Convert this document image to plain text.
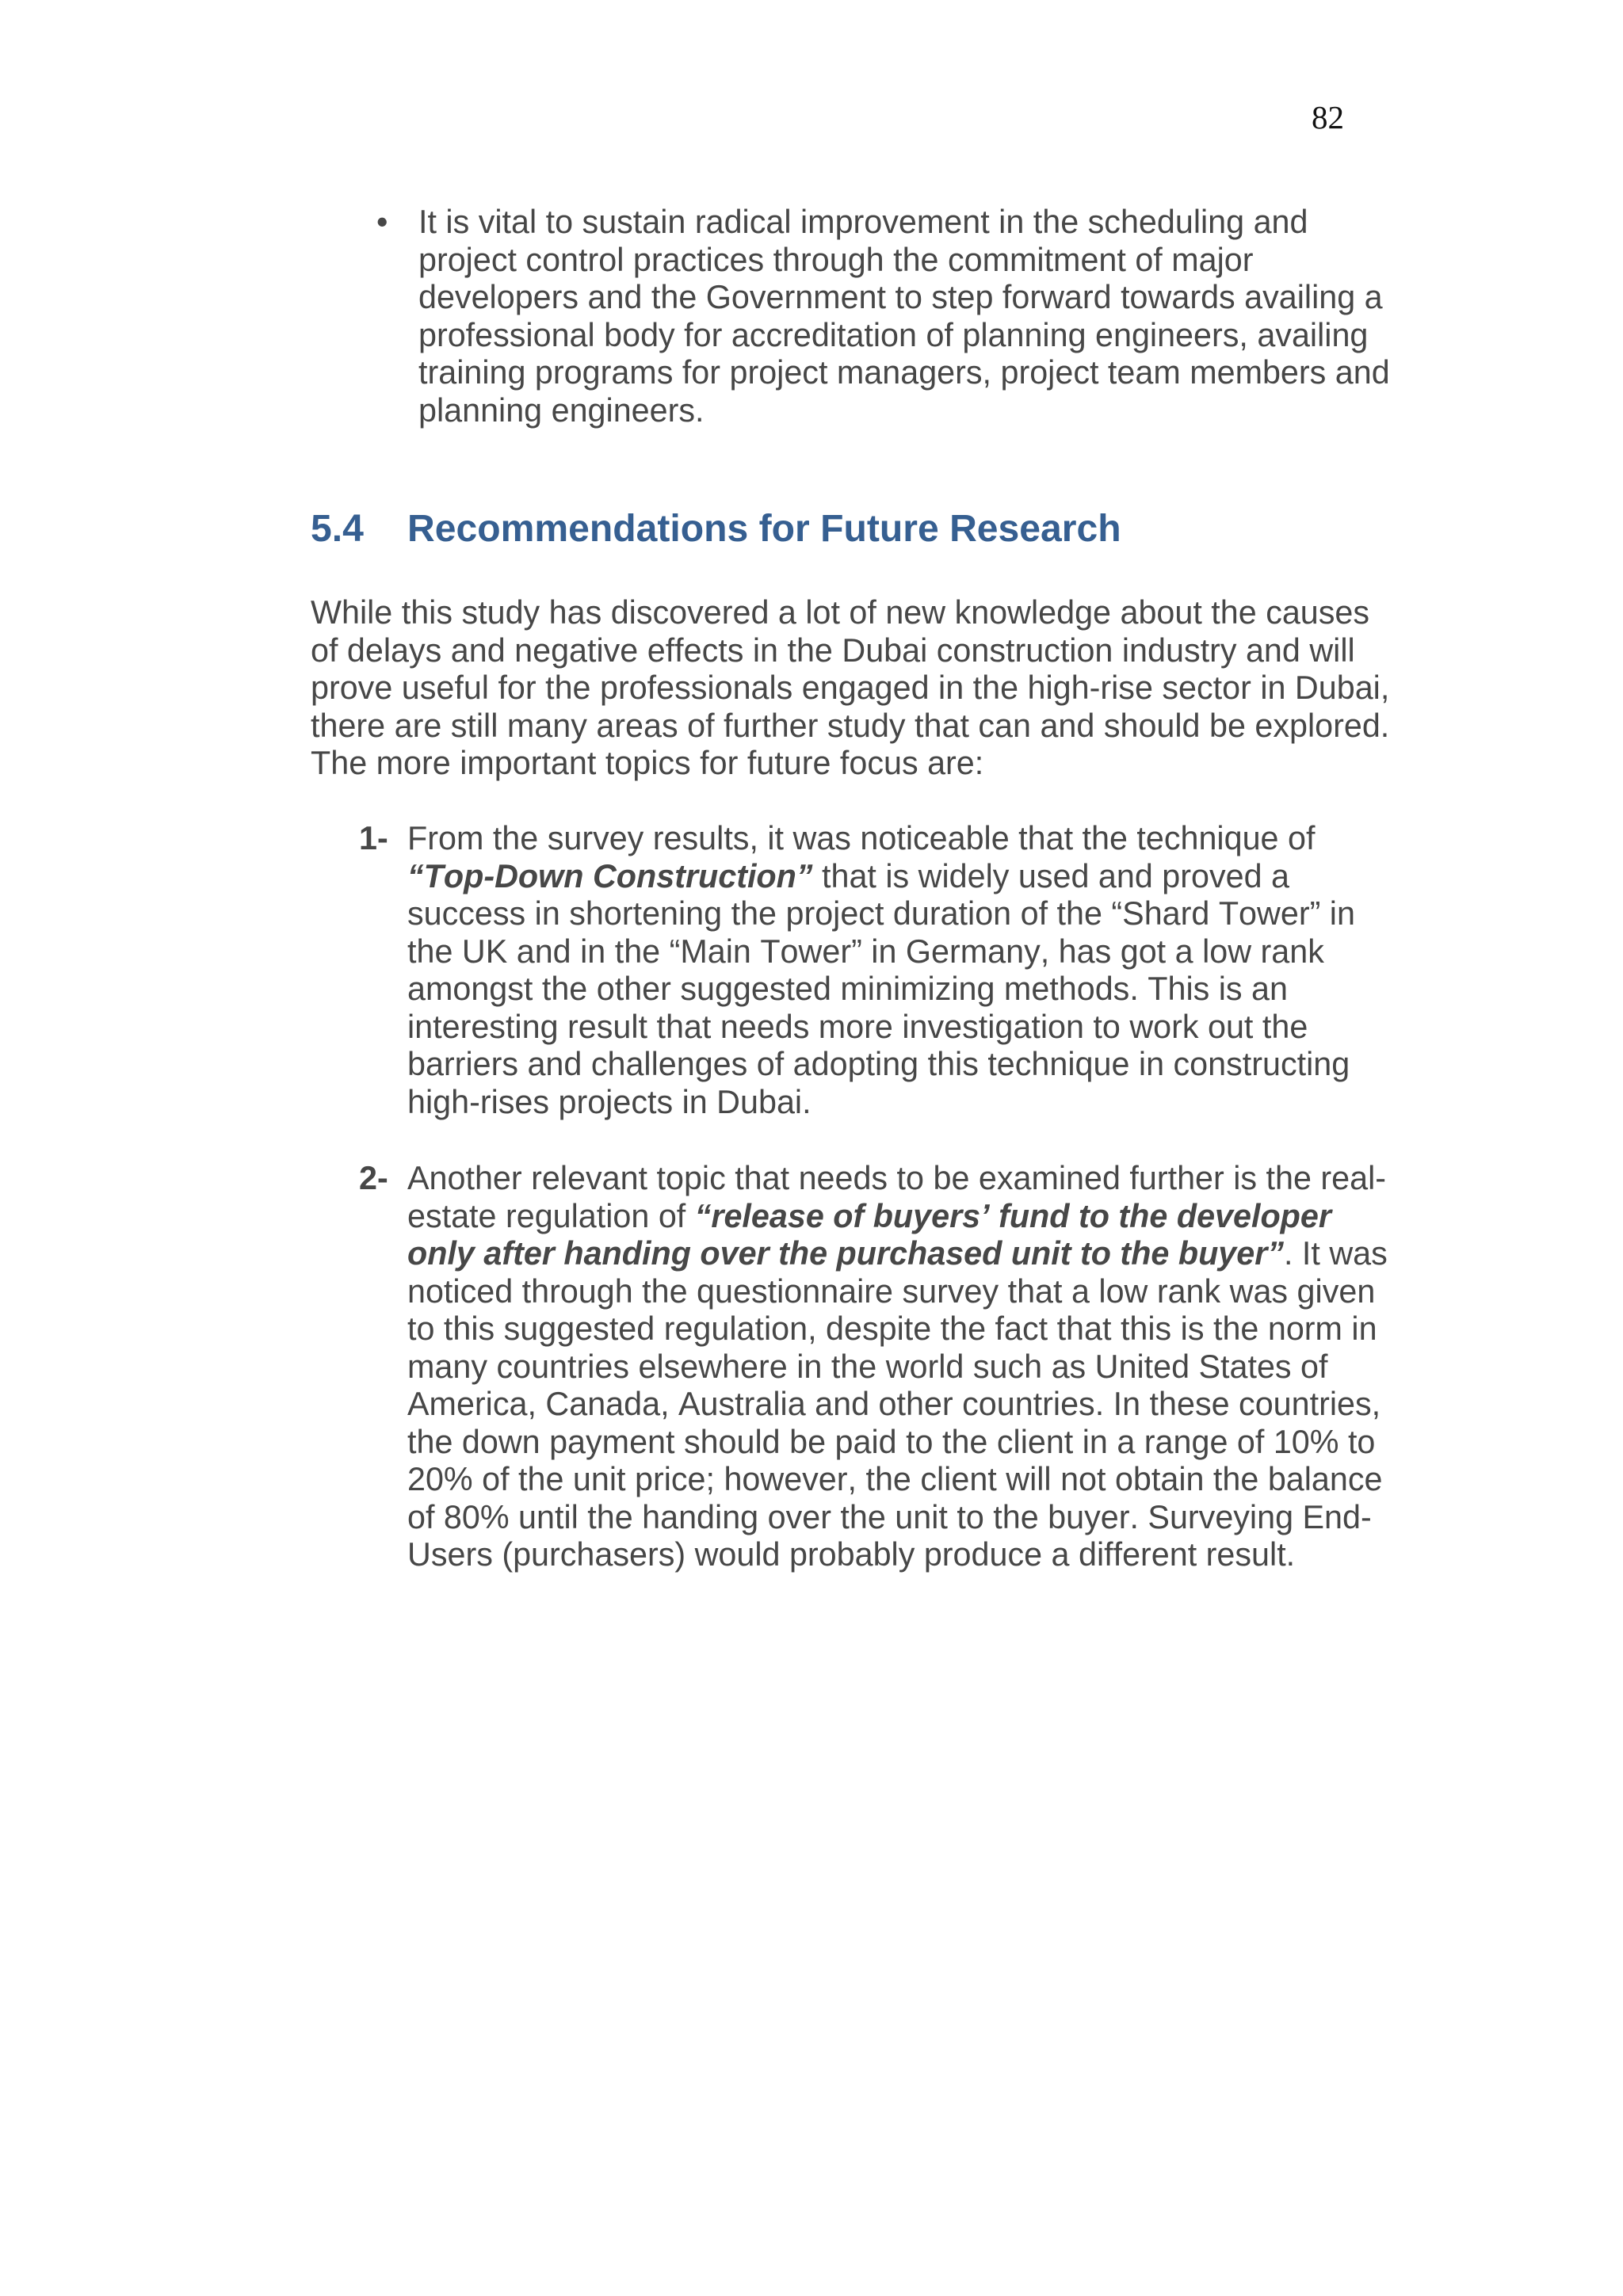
82
• It is vital to sustain radical improvement in the scheduling and project control practices through the commitment of major developers and the Government to step forward towards availing a professional body for accreditation of planning engineers, availing training programs for project managers, project team members and planning engineers.
5.4 Recommendations for Future Research
While this study has discovered a lot of new knowledge about the causes of delays and negative effects in the Dubai construction industry and will prove useful for the professionals engaged in the high-rise sector in Dubai, there are still many areas of further study that can and should be explored. The more important topics for future focus are:
1- From the survey results, it was noticeable that the technique of “Top-Down Construction” that is widely used and proved a success in shortening the project duration of the “Shard Tower” in the UK and in the “Main Tower” in Germany, has got a low rank amongst the other suggested minimizing methods. This is an interesting result that needs more investigation to work out the barriers and challenges of adopting this technique in constructing high-rises projects in Dubai.
2- Another relevant topic that needs to be examined further is the real-estate regulation of “release of buyers’ fund to the developer only after handing over the purchased unit to the buyer”. It was noticed through the questionnaire survey that a low rank was given to this suggested regulation, despite the fact that this is the norm in many countries elsewhere in the world such as United States of America, Canada, Australia and other countries. In these countries, the down payment should be paid to the client in a range of 10% to 20% of the unit price; however, the client will not obtain the balance of 80% until the handing over the unit to the buyer. Surveying End-Users (purchasers) would probably produce a different result.
